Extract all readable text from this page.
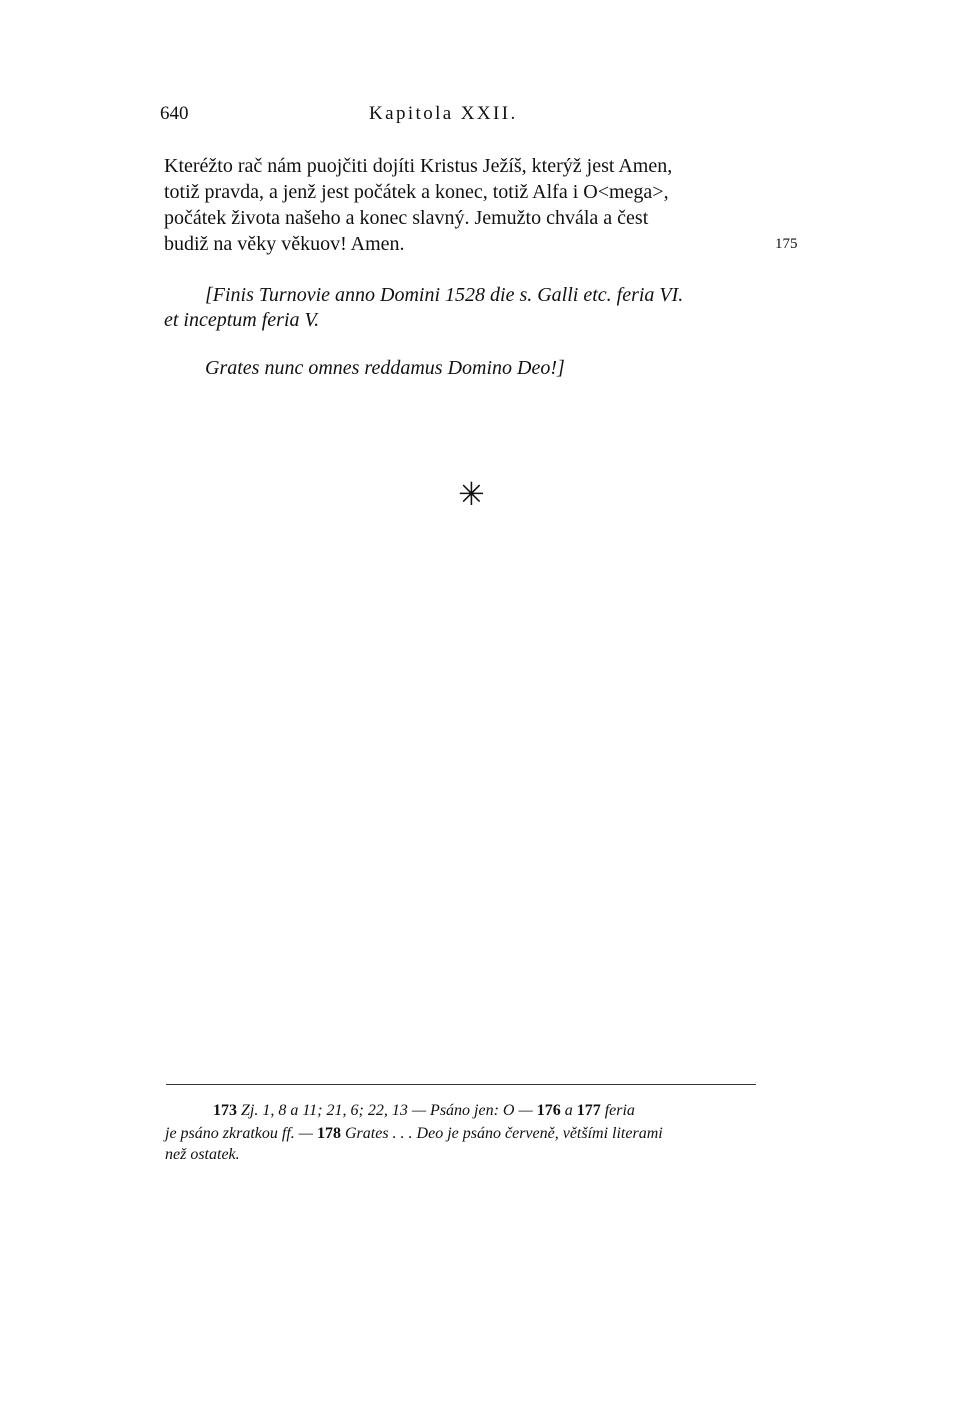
640	Kapitola XXII.
Kteréžto rač nám puojčiti dojíti Kristus Ježíš, kterýž jest Amen,
totiž pravda, a jenž jest počátek a konec, totiž Alfa i O<mega>,
počátek života našeho a konec slavný. Jemužto chvála a čest
budiž na věky věkuov! Amen.	175
[Finis Turnovie anno Domini 1528 die s. Galli etc. feria VI.
et inceptum feria V.
Grates nunc omnes reddamus Domino Deo!]
✳
173 Zj. 1, 8 a 11; 21, 6; 22, 13 — Psáno jen: O — 176 a 177 feria
je psáno zkratkou ff. — 178 Grates . . . Deo je psáno červeně, většími literami
než ostatek.
